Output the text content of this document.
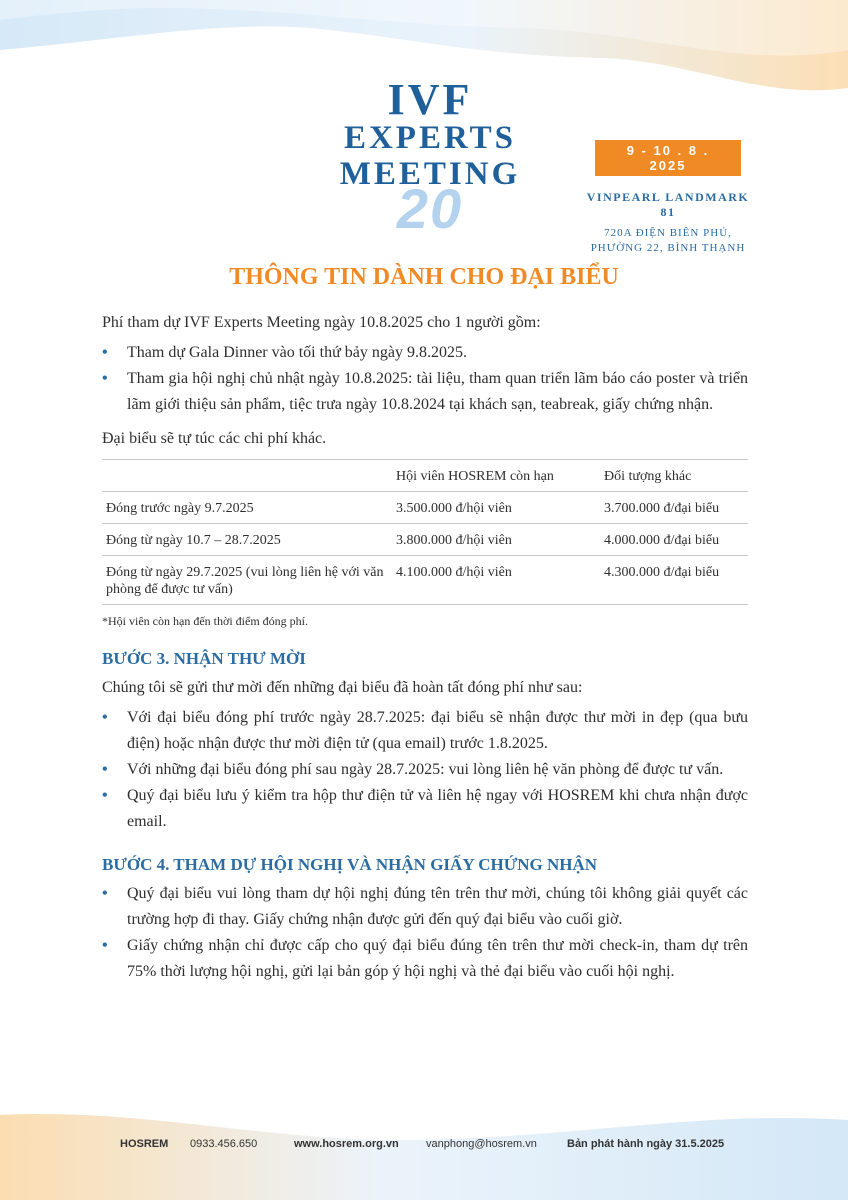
IVF
EXPERTS
MEETING
20
9 - 10 . 8 . 2025
VINPEARL LANDMARK 81
720A ĐIỆN BIÊN PHỦ,
PHƯỜNG 22, BÌNH THẠNH
THÔNG TIN DÀNH CHO ĐẠI BIỂU

Phí tham dự IVF Experts Meeting ngày 10.8.2025 cho 1 người gồm:

• Tham dự Gala Dinner vào tối thứ bảy ngày 9.8.2025.
• Tham gia hội nghị chủ nhật ngày 10.8.2025: tài liệu, tham quan triển lãm báo cáo poster và triển lãm giới thiệu sản phẩm, tiệc trưa ngày 10.8.2024 tại khách sạn, teabreak, giấy chứng nhận.

Đại biểu sẽ tự túc các chi phí khác.

	Hội viên HOSREM còn hạn	Đối tượng khác
Đóng trước ngày 9.7.2025	3.500.000 đ/hội viên	3.700.000 đ/đại biểu
Đóng từ ngày 10.7 – 28.7.2025	3.800.000 đ/hội viên	4.000.000 đ/đại biểu
Đóng từ ngày 29.7.2025 (vui lòng liên hệ với văn phòng để được tư vấn)	4.100.000 đ/hội viên	4.300.000 đ/đại biểu

*Hội viên còn hạn đến thời điểm đóng phí.

BƯỚC 3. NHẬN THƯ MỜI

Chúng tôi sẽ gửi thư mời đến những đại biểu đã hoàn tất đóng phí như sau:

• Với đại biểu đóng phí trước ngày 28.7.2025: đại biểu sẽ nhận được thư mời in đẹp (qua bưu điện) hoặc nhận được thư mời điện tử (qua email) trước 1.8.2025.
• Với những đại biểu đóng phí sau ngày 28.7.2025: vui lòng liên hệ văn phòng để được tư vấn.
• Quý đại biểu lưu ý kiểm tra hộp thư điện tử và liên hệ ngay với HOSREM khi chưa nhận được email.
BƯỚC 4. THAM DỰ HỘI NGHỊ VÀ NHẬN GIẤY CHỨNG NHẬN
• Quý đại biểu vui lòng tham dự hội nghị đúng tên trên thư mời, chúng tôi không giải quyết các trường hợp đi thay. Giấy chứng nhận được gửi đến quý đại biểu vào cuối giờ.
• Giấy chứng nhận chỉ được cấp cho quý đại biểu đúng tên trên thư mời check-in, tham dự trên 75% thời lượng hội nghị, gửi lại bản góp ý hội nghị và thẻ đại biểu vào cuối hội nghị.
HOSREM 0933.456.650	www.hosrem.org.vn vanphong@hosrem.vn	Bản phát hành ngày 31.5.2025
